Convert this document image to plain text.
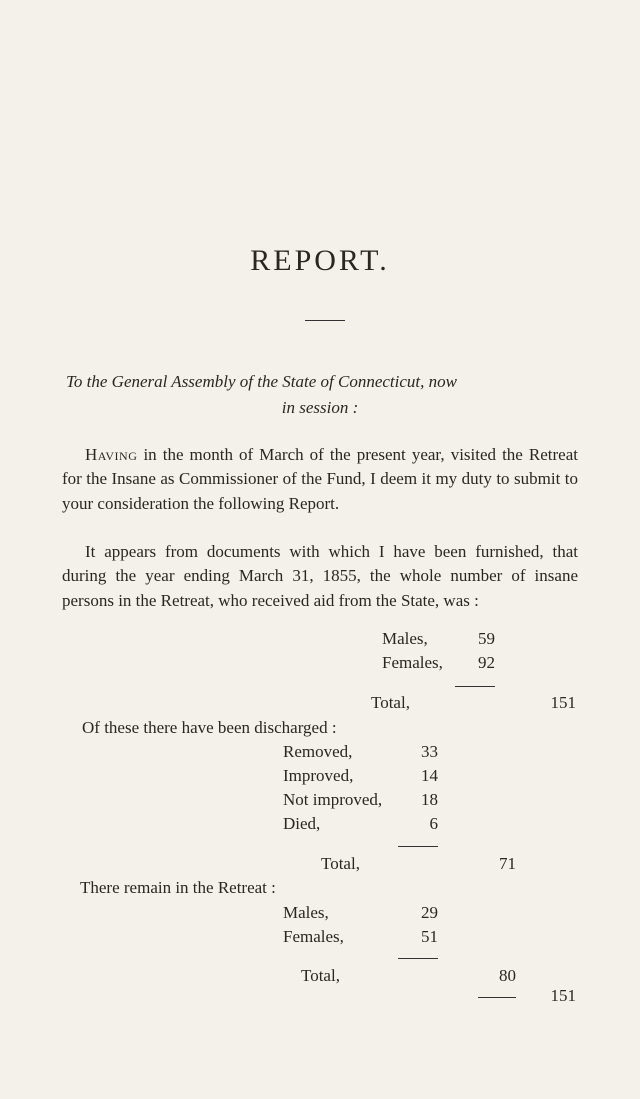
REPORT.
To the General Assembly of the State of Connecticut, now
in session :
Having in the month of March of the present year, visited the Retreat for the Insane as Commissioner of the Fund, I deem it my duty to submit to your consideration the following Report.
It appears from documents with which I have been furnished, that during the year ending March 31, 1855, the whole number of insane persons in the Retreat, who received aid from the State, was :
Males,	59
Females,	92
Total,	151
Of these there have been discharged :
Removed,	33
Improved,	14
Not improved,	18
Died,	6
Total,	71
There remain in the Retreat :
Males,	29
Females,	51
Total,	80
151
